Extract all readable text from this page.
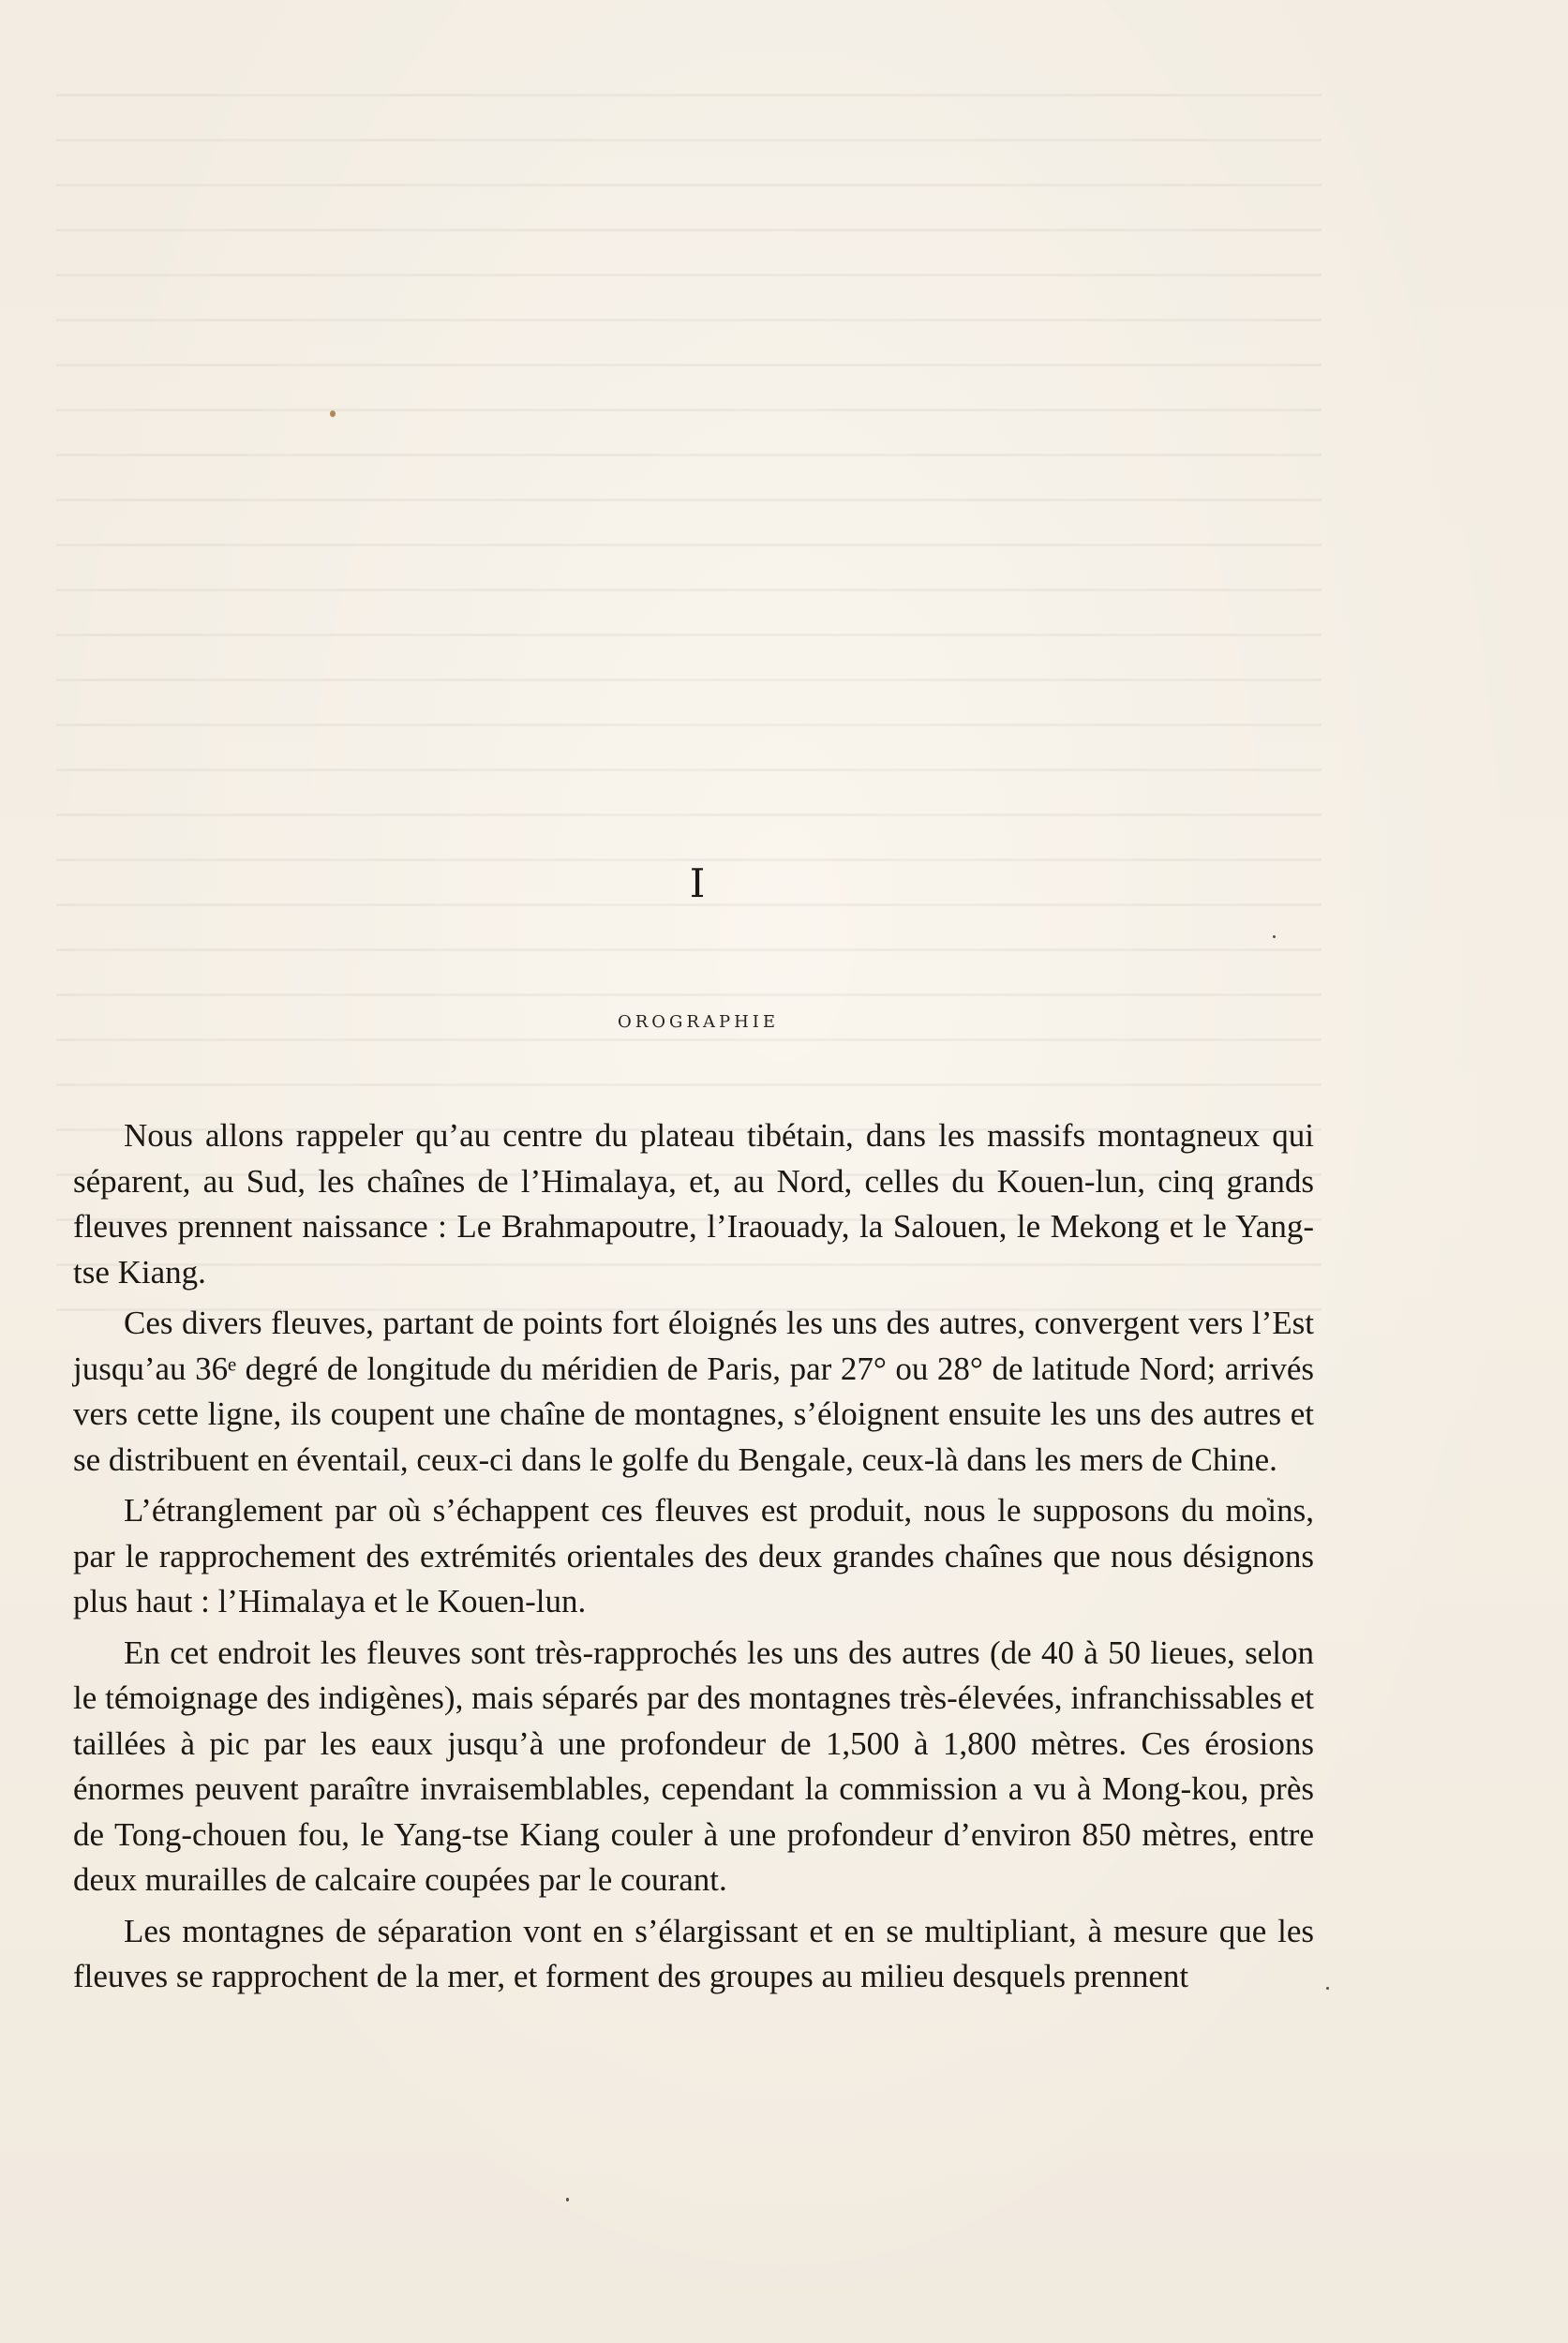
I
OROGRAPHIE

Nous allons rappeler qu’au centre du plateau tibétain, dans les massifs montagneux qui séparent, au Sud, les chaînes de l’Himalaya, et, au Nord, celles du Kouen-lun, cinq grands fleuves prennent naissance : Le Brahmapoutre, l’Iraouady, la Salouen, le Mekong et le Yang-tse Kiang.

Ces divers fleuves, partant de points fort éloignés les uns des autres, convergent vers l’Est jusqu’au 36ᵉ degré de longitude du méridien de Paris, par 27° ou 28° de latitude Nord; arrivés vers cette ligne, ils coupent une chaîne de montagnes, s’éloignent ensuite les uns des autres et se distribuent en éventail, ceux-ci dans le golfe du Bengale, ceux-là dans les mers de Chine.

L’étranglement par où s’échappent ces fleuves est produit, nous le supposons du moins, par le rapprochement des extrémités orientales des deux grandes chaînes que nous désignons plus haut : l’Himalaya et le Kouen-lun.

En cet endroit les fleuves sont très-rapprochés les uns des autres (de 40 à 50 lieues, selon le témoignage des indigènes), mais séparés par des montagnes très-élevées, infranchissables et taillées à pic par les eaux jusqu’à une profondeur de 1,500 à 1,800 mètres. Ces érosions énormes peuvent paraître invraisemblables, cependant la commission a vu à Mong-kou, près de Tong-chouen fou, le Yang-tse Kiang couler à une profondeur d’environ 850 mètres, entre deux murailles de calcaire coupées par le courant.

Les montagnes de séparation vont en s’élargissant et en se multipliant, à mesure que les fleuves se rapprochent de la mer, et forment des groupes au milieu desquels prennent
